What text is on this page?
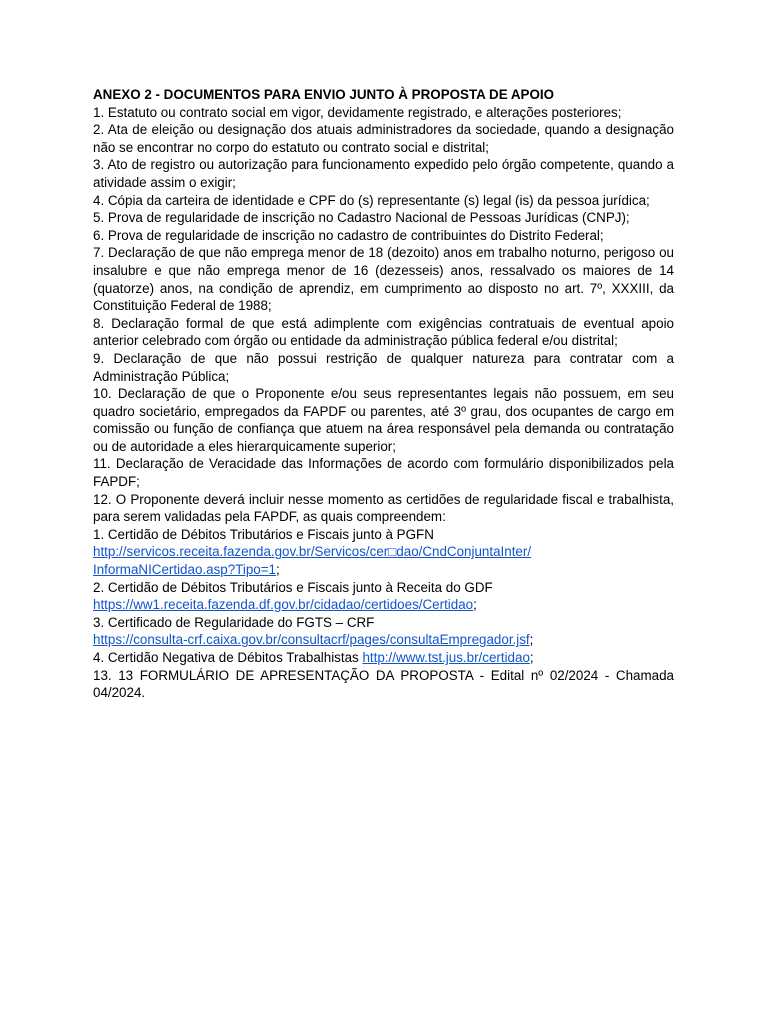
ANEXO 2 - DOCUMENTOS PARA ENVIO JUNTO À PROPOSTA DE APOIO

1. Estatuto ou contrato social em vigor, devidamente registrado, e alterações posteriores;

2. Ata de eleição ou designação dos atuais administradores da sociedade, quando a designação não se encontrar no corpo do estatuto ou contrato social e distrital;

3. Ato de registro ou autorização para funcionamento expedido pelo órgão competente, quando a atividade assim o exigir;

4. Cópia da carteira de identidade e CPF do (s) representante (s) legal (is) da pessoa jurídica;

5. Prova de regularidade de inscrição no Cadastro Nacional de Pessoas Jurídicas (CNPJ);

6. Prova de regularidade de inscrição no cadastro de contribuintes do Distrito Federal;

7. Declaração de que não emprega menor de 18 (dezoito) anos em trabalho noturno, perigoso ou insalubre e que não emprega menor de 16 (dezesseis) anos, ressalvado os maiores de 14 (quatorze) anos, na condição de aprendiz, em cumprimento ao disposto no art. 7º, XXXIII, da Constituição Federal de 1988;

8. Declaração formal de que está adimplente com exigências contratuais de eventual apoio anterior celebrado com órgão ou entidade da administração pública federal e/ou distrital;

9. Declaração de que não possui restrição de qualquer natureza para contratar com a Administração Pública;

10. Declaração de que o Proponente e/ou seus representantes legais não possuem, em seu quadro societário, empregados da FAPDF ou parentes, até 3º grau, dos ocupantes de cargo em comissão ou função de confiança que atuem na área responsável pela demanda ou contratação ou de autoridade a eles hierarquicamente superior;

11. Declaração de Veracidade das Informações de acordo com formulário disponibilizados pela FAPDF;

12. O Proponente deverá incluir nesse momento as certidões de regularidade fiscal e trabalhista, para serem validadas pela FAPDF, as quais compreendem:

1. Certidão de Débitos Tributários e Fiscais junto à PGFN

http://servicos.receita.fazenda.gov.br/Servicos/cer□dao/CndConjuntaInter/
InformaNICertidao.asp?Tipo=1;

2. Certidão de Débitos Tributários e Fiscais junto à Receita do GDF

https://ww1.receita.fazenda.df.gov.br/cidadao/certidoes/Certidao;

3. Certificado de Regularidade do FGTS – CRF

https://consulta-crf.caixa.gov.br/consultacrf/pages/consultaEmpregador.jsf;

4. Certidão Negativa de Débitos Trabalhistas http://www.tst.jus.br/certidao;

13. 13 FORMULÁRIO DE APRESENTAÇÃO DA PROPOSTA - Edital nº 02/2024 - Chamada 04/2024.
